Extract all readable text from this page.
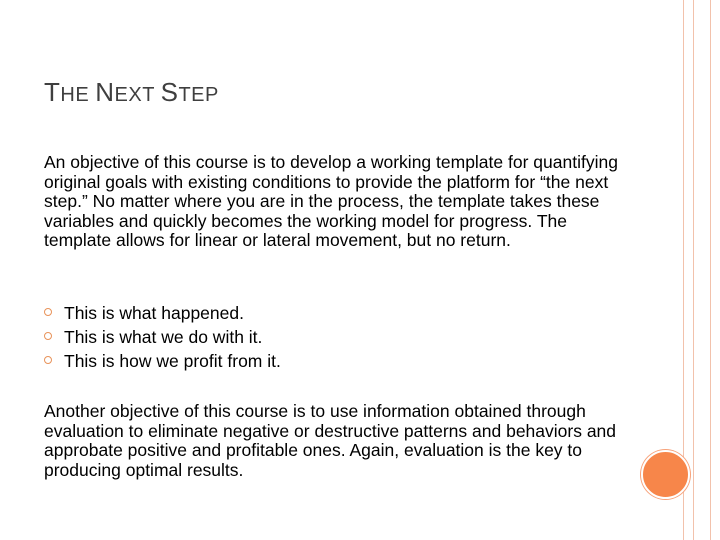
THE NEXT STEP

An objective of this course is to develop a working template for quantifying original goals with existing conditions to provide the platform for “the next step.” No matter where you are in the process, the template takes these variables and quickly becomes the working model for progress. The template allows for linear or lateral movement, but no return.

This is what happened.
This is what we do with it.
This is how we profit from it.

Another objective of this course is to use information obtained through evaluation to eliminate negative or destructive patterns and behaviors and approbate positive and profitable ones. Again, evaluation is the key to producing optimal results.
